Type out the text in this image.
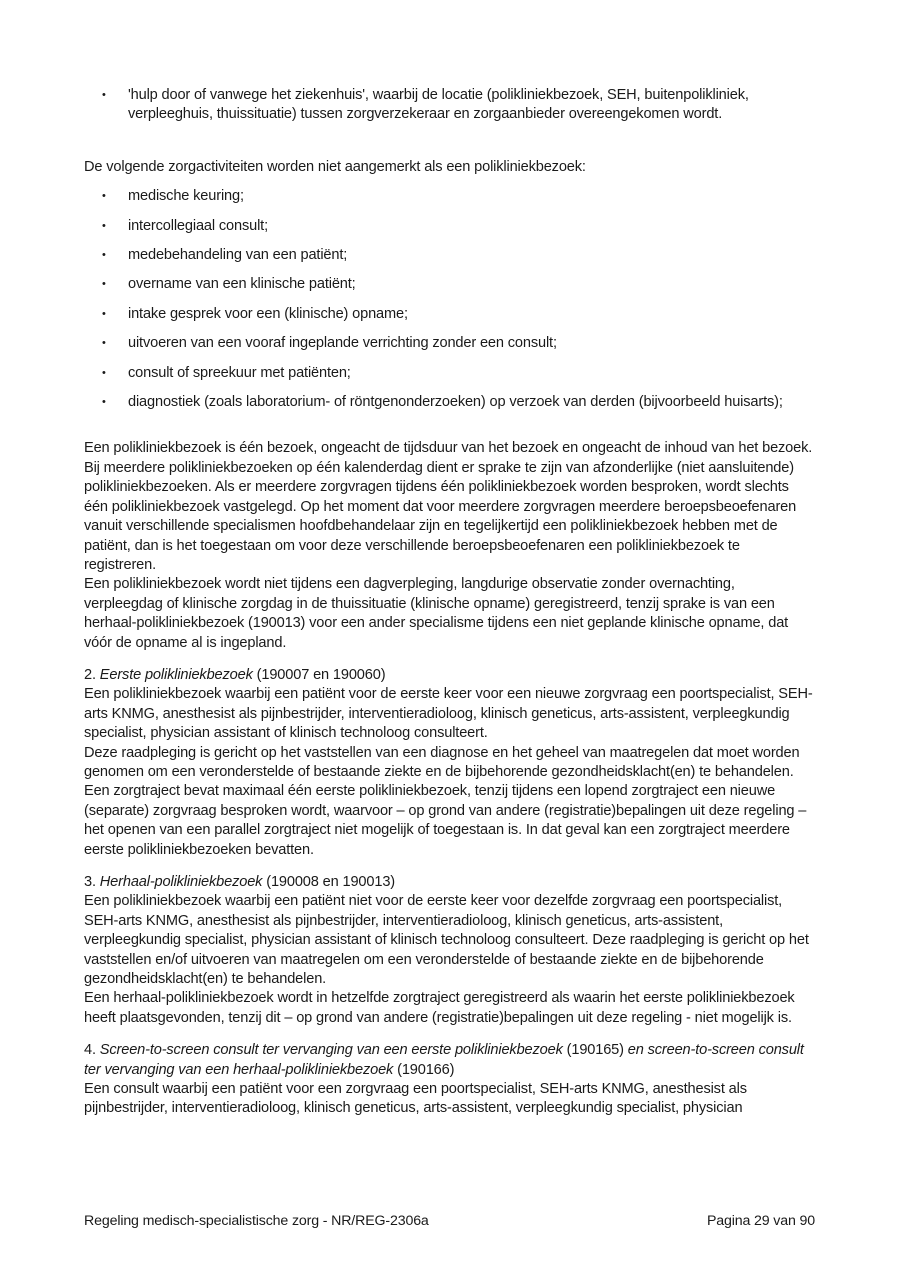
•	'hulp door of vanwege het ziekenhuis', waarbij de locatie (polikliniekbezoek, SEH, buitenpolikliniek, verpleeghuis, thuissituatie) tussen zorgverzekeraar en zorgaanbieder overeengekomen wordt.
De volgende zorgactiviteiten worden niet aangemerkt als een polikliniekbezoek:
•	medische keuring;
•	intercollegiaal consult;
•	medebehandeling van een patiënt;
•	overname van een klinische patiënt;
•	intake gesprek voor een (klinische) opname;
•	uitvoeren van een vooraf ingeplande verrichting zonder een consult;
•	consult of spreekuur met patiënten;
•	diagnostiek (zoals laboratorium- of röntgenonderzoeken) op verzoek van derden (bijvoorbeeld huisarts);
Een polikliniekbezoek is één bezoek, ongeacht de tijdsduur van het bezoek en ongeacht de inhoud van het bezoek. Bij meerdere polikliniekbezoeken op één kalenderdag dient er sprake te zijn van afzonderlijke (niet aansluitende) polikliniekbezoeken. Als er meerdere zorgvragen tijdens één polikliniekbezoek worden besproken, wordt slechts één polikliniekbezoek vastgelegd. Op het moment dat voor meerdere zorgvragen meerdere beroepsbeoefenaren vanuit verschillende specialismen hoofdbehandelaar zijn en tegelijkertijd een polikliniekbezoek hebben met de patiënt, dan is het toegestaan om voor deze verschillende beroepsbeoefenaren een polikliniekbezoek te registreren.
Een polikliniekbezoek wordt niet tijdens een dagverpleging, langdurige observatie zonder overnachting, verpleegdag of klinische zorgdag in de thuissituatie (klinische opname) geregistreerd, tenzij sprake is van een herhaal-polikliniekbezoek (190013) voor een ander specialisme tijdens een niet geplande klinische opname, dat vóór de opname al is ingepland.
2. Eerste polikliniekbezoek (190007 en 190060)
Een polikliniekbezoek waarbij een patiënt voor de eerste keer voor een nieuwe zorgvraag een poortspecialist, SEH-arts KNMG, anesthesist als pijnbestrijder, interventieradioloog, klinisch geneticus, arts-assistent, verpleegkundig specialist, physician assistant of klinisch technoloog consulteert.
Deze raadpleging is gericht op het vaststellen van een diagnose en het geheel van maatregelen dat moet worden genomen om een veronderstelde of bestaande ziekte en de bijbehorende gezondheidsklacht(en) te behandelen.
Een zorgtraject bevat maximaal één eerste polikliniekbezoek, tenzij tijdens een lopend zorgtraject een nieuwe (separate) zorgvraag besproken wordt, waarvoor – op grond van andere (registratie)bepalingen uit deze regeling – het openen van een parallel zorgtraject niet mogelijk of toegestaan is. In dat geval kan een zorgtraject meerdere eerste polikliniekbezoeken bevatten.
3. Herhaal-polikliniekbezoek (190008 en 190013)
Een polikliniekbezoek waarbij een patiënt niet voor de eerste keer voor dezelfde zorgvraag een poortspecialist, SEH-arts KNMG, anesthesist als pijnbestrijder, interventieradioloog, klinisch geneticus, arts-assistent, verpleegkundig specialist, physician assistant of klinisch technoloog consulteert. Deze raadpleging is gericht op het vaststellen en/of uitvoeren van maatregelen om een veronderstelde of bestaande ziekte en de bijbehorende gezondheidsklacht(en) te behandelen.
Een herhaal-polikliniekbezoek wordt in hetzelfde zorgtraject geregistreerd als waarin het eerste polikliniekbezoek heeft plaatsgevonden, tenzij dit – op grond van andere (registratie)bepalingen uit deze regeling - niet mogelijk is.
4. Screen-to-screen consult ter vervanging van een eerste polikliniekbezoek (190165) en screen-to-screen consult ter vervanging van een herhaal-polikliniekbezoek (190166)
Een consult waarbij een patiënt voor een zorgvraag een poortspecialist, SEH-arts KNMG, anesthesist als pijnbestrijder, interventieradioloog, klinisch geneticus, arts-assistent, verpleegkundig specialist, physician
Regeling medisch-specialistische zorg - NR/REG-2306a	Pagina 29 van 90
